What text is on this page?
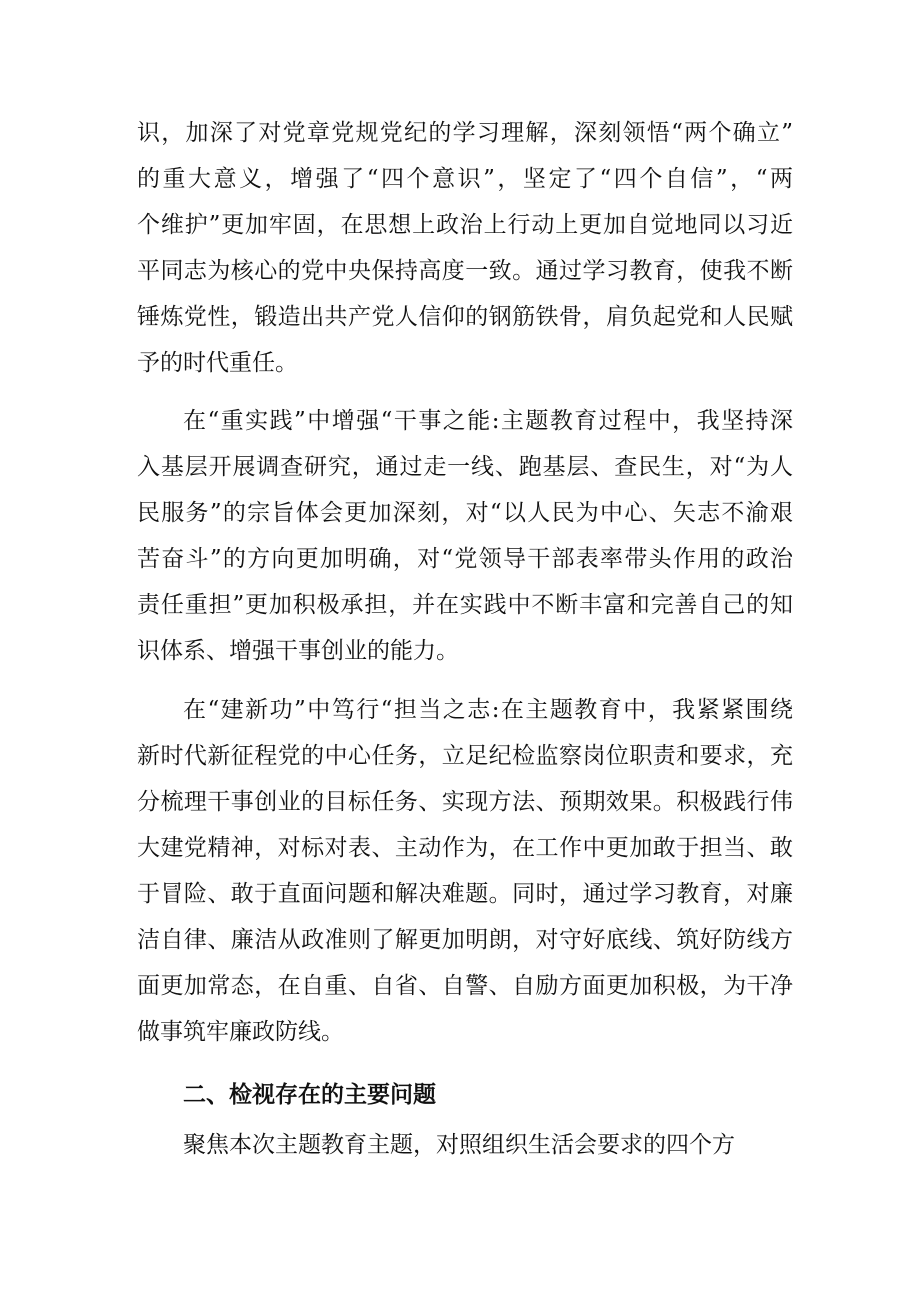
识，加深了对党章党规党纪的学习理解，深刻领悟“两个确立”
的重大意义，增强了“四个意识”，坚定了“四个自信”，“两
个维护”更加牢固，在思想上政治上行动上更加自觉地同以习近
平同志为核心的党中央保持高度一致。通过学习教育，使我不断
锤炼党性，锻造出共产党人信仰的钢筋铁骨，肩负起党和人民赋
予的时代重任。
在“重实践”中增强“干事之能:主题教育过程中，我坚持深
入基层开展调查研究，通过走一线、跑基层、查民生，对“为人
民服务”的宗旨体会更加深刻，对“以人民为中心、矢志不渝艰
苦奋斗”的方向更加明确，对“党领导干部表率带头作用的政治
责任重担”更加积极承担，并在实践中不断丰富和完善自己的知
识体系、增强干事创业的能力。
在“建新功”中笃行“担当之志:在主题教育中，我紧紧围绕
新时代新征程党的中心任务，立足纪检监察岗位职责和要求，充
分梳理干事创业的目标任务、实现方法、预期效果。积极践行伟
大建党精神，对标对表、主动作为，在工作中更加敢于担当、敢
于冒险、敢于直面问题和解决难题。同时，通过学习教育，对廉
洁自律、廉洁从政准则了解更加明朗，对守好底线、筑好防线方
面更加常态，在自重、自省、自警、自励方面更加积极，为干净
做事筑牢廉政防线。
二、检视存在的主要问题
聚焦本次主题教育主题，对照组织生活会要求的四个方
